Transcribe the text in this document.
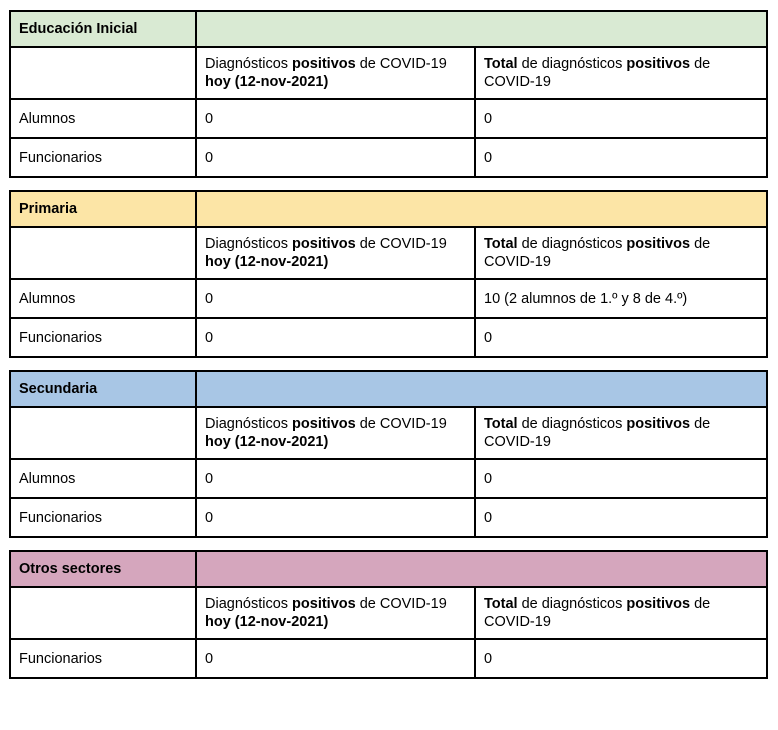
Educación Inicial		
	Diagnósticos positivos de COVID-19 hoy (12-nov-2021)	Total de diagnósticos positivos de COVID-19
Alumnos	0	0
Funcionarios	0	0
Primaria		
	Diagnósticos positivos de COVID-19 hoy (12-nov-2021)	Total de diagnósticos positivos de COVID-19
Alumnos	0	10 (2 alumnos de 1.º y 8 de 4.º)
Funcionarios	0	0
Secundaria		
	Diagnósticos positivos de COVID-19 hoy (12-nov-2021)	Total de diagnósticos positivos de COVID-19
Alumnos	0	0
Funcionarios	0	0
Otros sectores		
	Diagnósticos positivos de COVID-19 hoy (12-nov-2021)	Total de diagnósticos positivos de COVID-19
Funcionarios	0	0
